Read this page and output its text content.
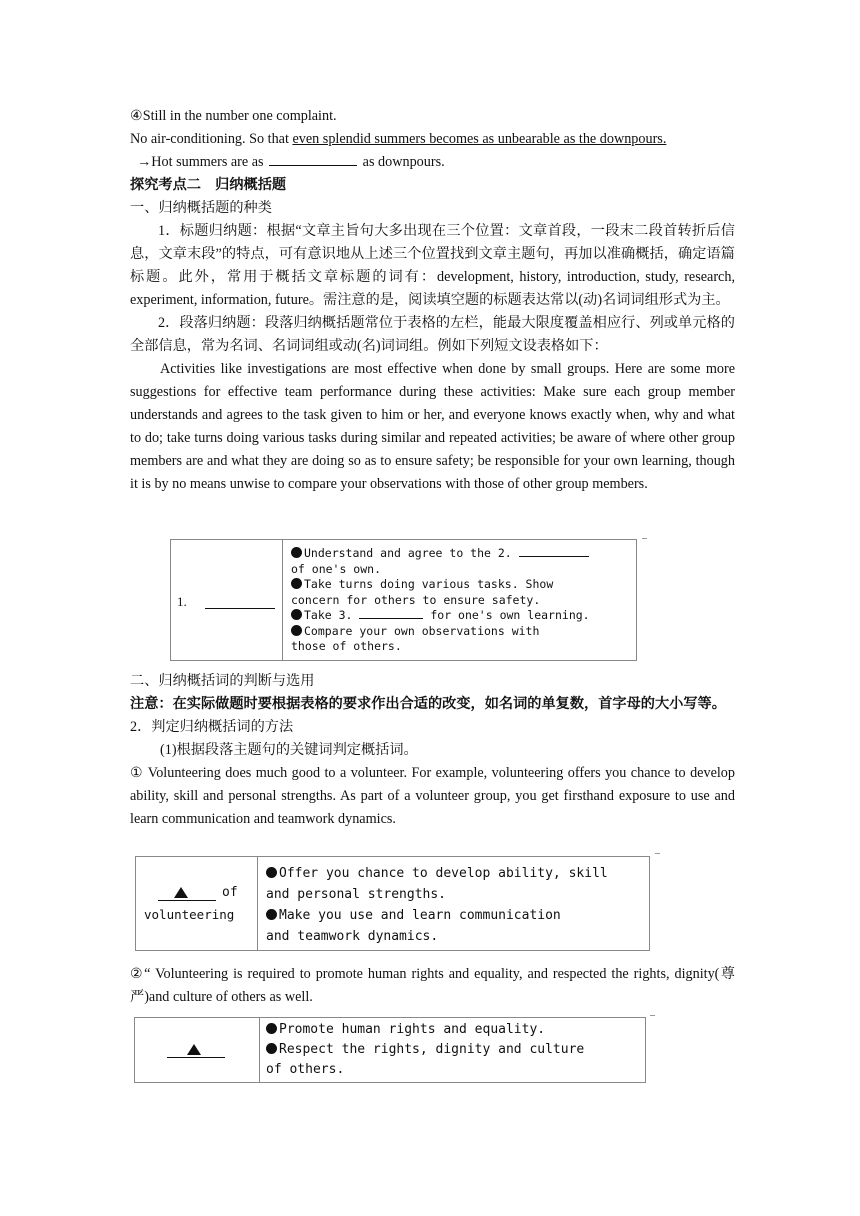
④Still in the number one complaint.

No air-conditioning. So that even splendid summers becomes as unbearable as the downpours.

→Hot summers are as	as downpours.

探究考点二　归纳概括题

一、归纳概括题的种类

1．标题归纳题：根据“文章主旨句大多出现在三个位置：文章首段，一段末二段首转折后信息，文章末段”的特点，可有意识地从上述三个位置找到文章主题句，再加以准确概括，确定语篇标题。此外，常用于概括文章标题的词有：development, history, introduction, study, research, experiment, information, future。需注意的是，阅读填空题的标题表达常以(动)名词词组形式为主。

2．段落归纳题：段落归纳概括题常位于表格的左栏，能最大限度覆盖相应行、列或单元格的全部信息，常为名词、名词词组或动(名)词词组。例如下列短文设表格如下：

Activities like investigations are most effective when done by small groups. Here are some more suggestions for effective team performance during these activities: Make sure each group member understands and agrees to the task given to him or her, and everyone knows exactly when, why and what to do; take turns doing various tasks during similar and repeated activities; be aware of where other group members are and what they are doing so as to ensure safety; be responsible for your own learning, though it is by no means unwise to compare your observations with those of other group members.

1.
Understand and agree to the 2.
of one's own.
Take turns doing various tasks. Show
concern for others to ensure safety.
Take 3.	for one's own learning.
Compare your own observations with
those of others.

二、归纳概括词的判断与选用

注意：在实际做题时要根据表格的要求作出合适的改变，如名词的单复数，首字母的大小写等。

2．判定归纳概括词的方法

(1)根据段落主题句的关键词判定概括词。

① Volunteering does much good to a volunteer. For example, volunteering offers you chance to develop ability, skill and personal strengths. As part of a volunteer group, you get firsthand exposure to use and learn communication and teamwork dynamics.

of
volunteering
Offer you chance to develop ability, skill
and personal strengths.
Make you use and learn communication
and teamwork dynamics.

②“ Volunteering is required to promote human rights and equality, and respected the rights, dignity(尊严)and culture of others as well.

Promote human rights and equality.
Respect the rights, dignity and culture
of others.
